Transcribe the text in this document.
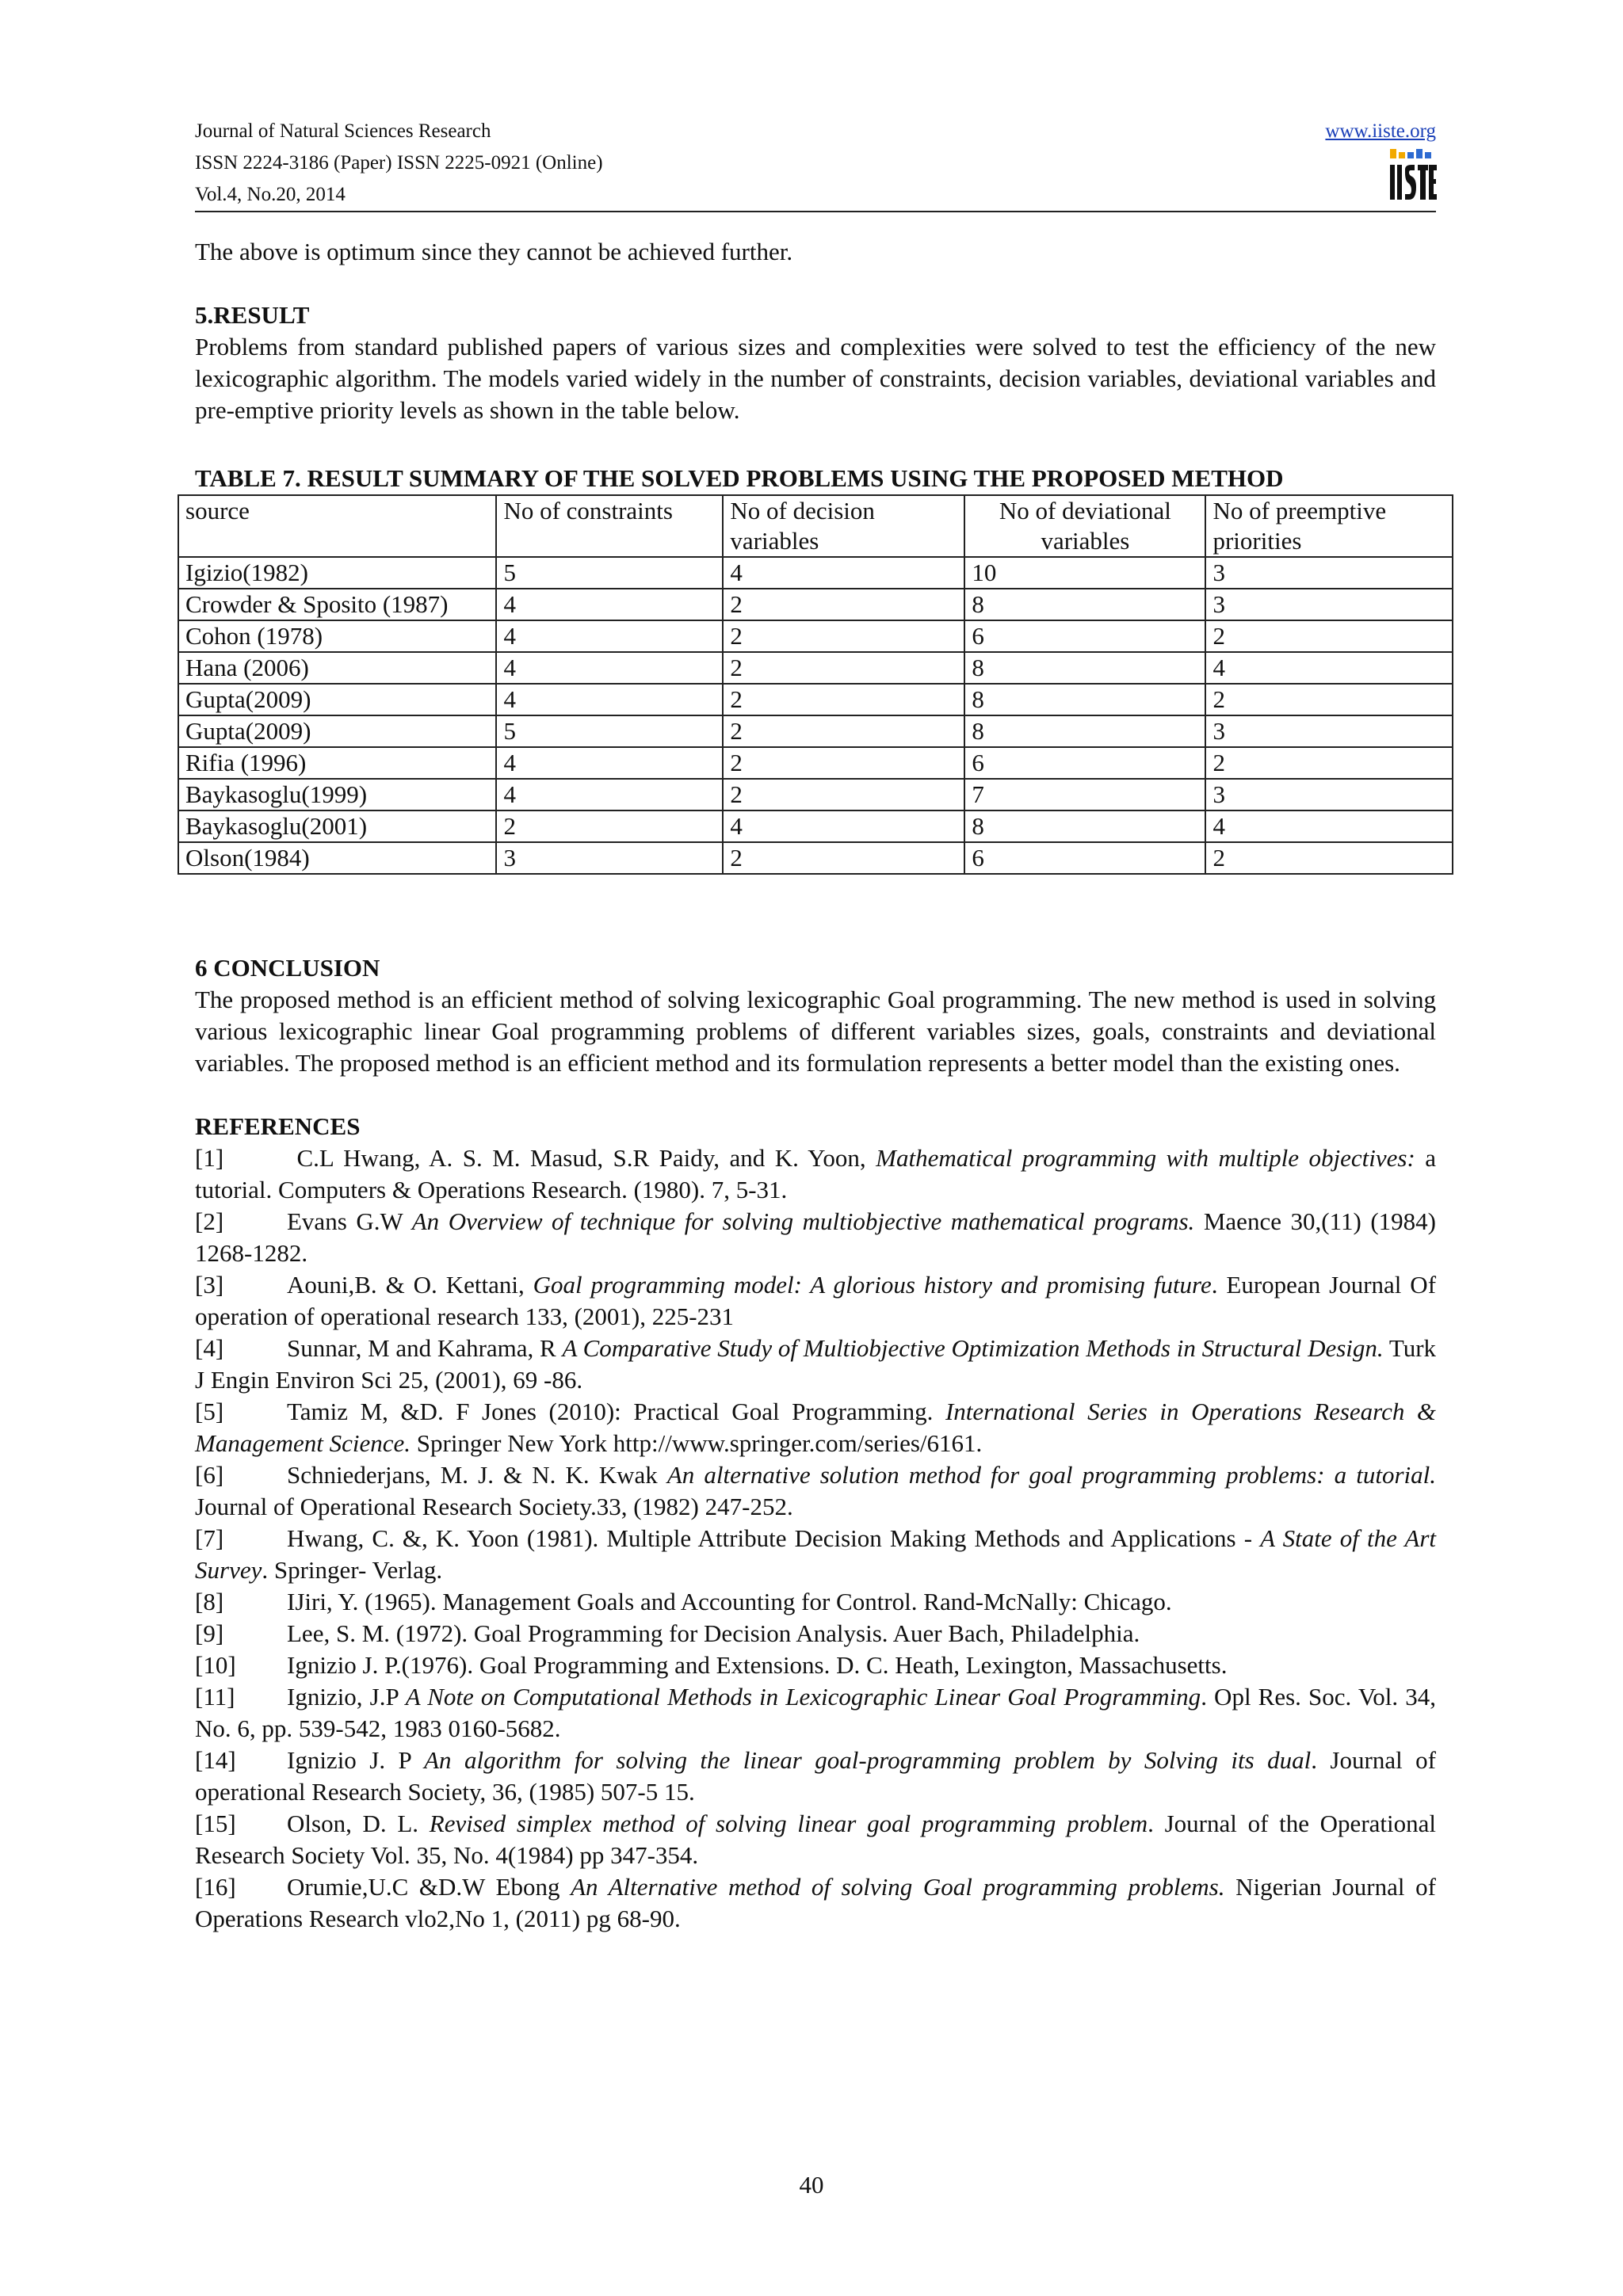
Journal of Natural Sciences Research
ISSN 2224-3186 (Paper) ISSN 2225-0921 (Online)
Vol.4, No.20, 2014
www.iiste.org

The above is optimum since they cannot be achieved further.

5.RESULT

Problems from standard published papers of various sizes and complexities were solved to test the efficiency of the new lexicographic algorithm. The models varied widely in the number of constraints, decision variables, deviational variables and pre-emptive priority levels as shown in the table below.

TABLE 7. RESULT SUMMARY OF THE SOLVED PROBLEMS USING THE PROPOSED METHOD
source	No of constraints	No of decision variables	No of deviational variables	No of preemptive priorities
Igizio(1982)	5	4	10	3
Crowder & Sposito (1987)	4	2	8	3
Cohon (1978)	4	2	6	2
Hana (2006)	4	2	8	4
Gupta(2009)	4	2	8	2
Gupta(2009)	5	2	8	3
Rifia (1996)	4	2	6	2
Baykasoglu(1999)	4	2	7	3
Baykasoglu(2001)	2	4	8	4
Olson(1984)	3	2	6	2

6 CONCLUSION

The proposed method is an efficient method of solving lexicographic Goal programming. The new method is used in solving various lexicographic linear Goal programming problems of different variables sizes, goals, constraints and deviational variables. The proposed method is an efficient method and its formulation represents a better model than the existing ones.

REFERENCES

[1]	C.L Hwang, A. S. M. Masud, S.R Paidy, and K. Yoon, Mathematical programming with multiple objectives: a tutorial. Computers & Operations Research. (1980). 7, 5-31.

[2]	Evans G.W An Overview of technique for solving multiobjective mathematical programs. Maence 30,(11) (1984) 1268-1282.

[3]	Aouni,B. & O. Kettani, Goal programming model: A glorious history and promising future. European Journal Of operation of operational research 133, (2001), 225-231

[4]	Sunnar, M and Kahrama, R A Comparative Study of Multiobjective Optimization Methods in Structural Design. Turk J Engin Environ Sci 25, (2001), 69 -86.

[5]	Tamiz M, &D. F Jones (2010): Practical Goal Programming. International Series in Operations Research & Management Science. Springer New York http://www.springer.com/series/6161.

[6]	Schniederjans, M. J. & N. K. Kwak An alternative solution method for goal programming problems: a tutorial. Journal of Operational Research Society.33, (1982) 247-252.

[7]	Hwang, C. &, K. Yoon (1981). Multiple Attribute Decision Making Methods and Applications - A State of the Art Survey. Springer- Verlag.

[8]	IJiri, Y. (1965). Management Goals and Accounting for Control. Rand-McNally: Chicago.

[9]	Lee, S. M. (1972). Goal Programming for Decision Analysis. Auer Bach, Philadelphia.

[10] Ignizio J. P.(1976). Goal Programming and Extensions. D. C. Heath, Lexington, Massachusetts.

[11] Ignizio, J.P A Note on Computational Methods in Lexicographic Linear Goal Programming. Opl Res. Soc. Vol. 34, No. 6, pp. 539-542, 1983 0160-5682.

[14] Ignizio J. P An algorithm for solving the linear goal-programming problem by Solving its dual. Journal of operational Research Society, 36, (1985) 507-5 15.

[15] Olson, D. L. Revised simplex method of solving linear goal programming problem. Journal of the Operational Research Society Vol. 35, No. 4(1984) pp 347-354.

[16] Orumie,U.C &D.W Ebong An Alternative method of solving Goal programming problems. Nigerian Journal of Operations Research vlo2,No 1, (2011) pg 68-90.

40
